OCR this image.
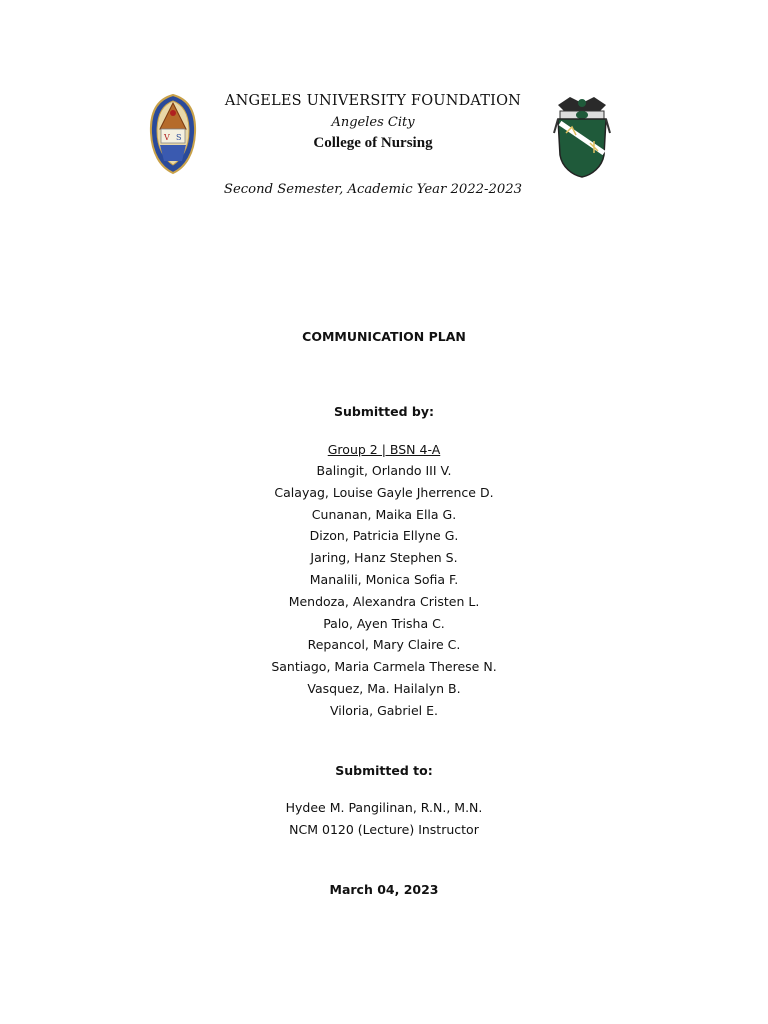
V S
ANGELES UNIVERSITY FOUNDATION
Angeles City
College of Nursing
Second Semester, Academic Year 2022-2023
COMMUNICATION PLAN
Submitted by:
Group 2 | BSN 4-A
Balingit, Orlando III V.
Calayag, Louise Gayle Jherrence D.
Cunanan, Maika Ella G.
Dizon, Patricia Ellyne G.
Jaring, Hanz Stephen S.
Manalili, Monica Sofia F.
Mendoza, Alexandra Cristen L.
Palo, Ayen Trisha C.
Repancol, Mary Claire C.
Santiago, Maria Carmela Therese N.
Vasquez, Ma. Hailalyn B.
Viloria, Gabriel E.
Submitted to:
Hydee M. Pangilinan, R.N., M.N.
NCM 0120 (Lecture) Instructor
March 04, 2023
